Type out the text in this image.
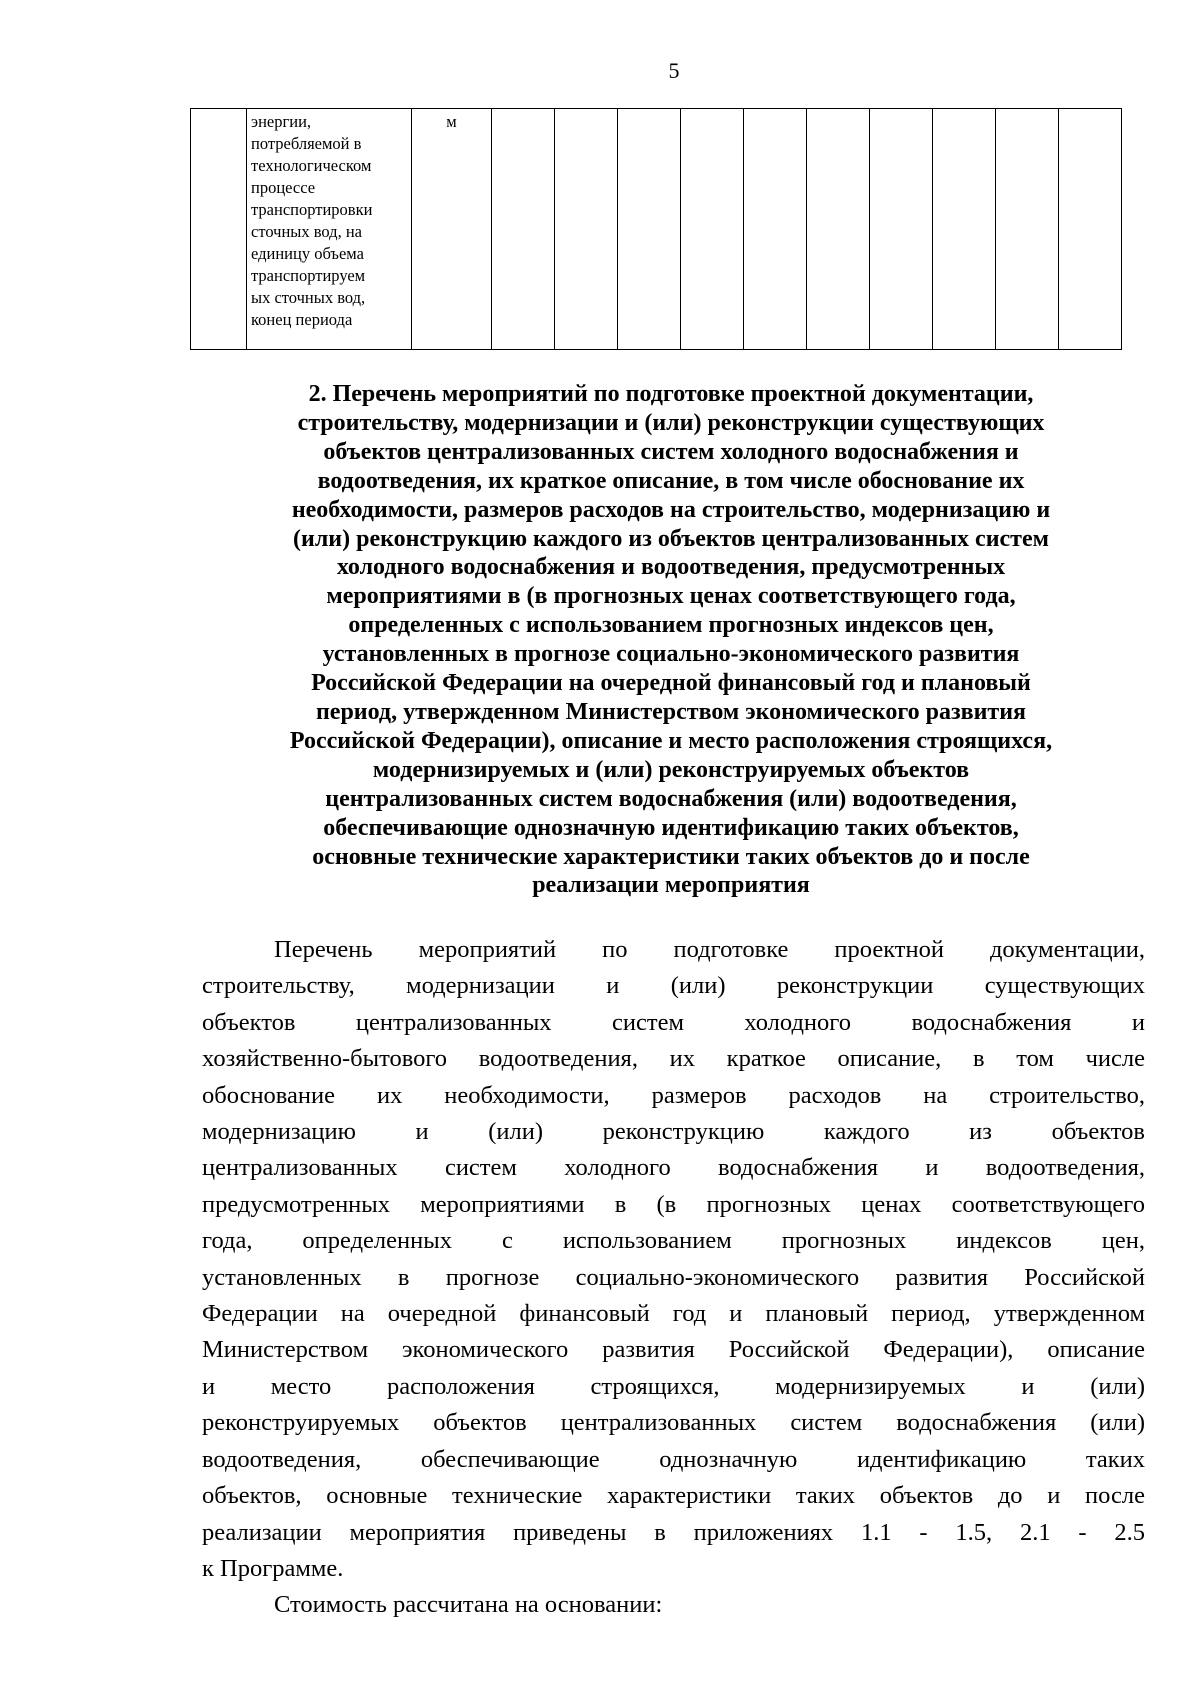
5

энергии,
потребляемой в
технологическом
процессе
транспортировки
сточных вод, на
единицу объема
транспортируем
ых сточных вод,
конец периода
	м										
2. Перечень мероприятий по подготовке проектной документации,
строительству, модернизации и (или) реконструкции существующих
объектов централизованных систем холодного водоснабжения и
водоотведения, их краткое описание, в том числе обоснование их
необходимости, размеров расходов на строительство, модернизацию и
(или) реконструкцию каждого из объектов централизованных систем
холодного водоснабжения и водоотведения, предусмотренных
мероприятиями в (в прогнозных ценах соответствующего года,
определенных с использованием прогнозных индексов цен,
установленных в прогнозе социально-экономического развития
Российской Федерации на очередной финансовый год и плановый
период, утвержденном Министерством экономического развития
Российской Федерации), описание и место расположения строящихся,
модернизируемых и (или) реконструируемых объектов
централизованных систем водоснабжения (или) водоотведения,
обеспечивающие однозначную идентификацию таких объектов,
основные технические характеристики таких объектов до и после
реализации мероприятия
Перечень мероприятий по подготовке проектной документации,
строительству, модернизации и (или) реконструкции существующих
объектов централизованных систем холодного водоснабжения и
хозяйственно-бытового водоотведения, их краткое описание, в том числе
обоснование их необходимости, размеров расходов на строительство,
модернизацию и (или) реконструкцию каждого из объектов
централизованных систем холодного водоснабжения и водоотведения,
предусмотренных мероприятиями в (в прогнозных ценах соответствующего
года, определенных с использованием прогнозных индексов цен,
установленных в прогнозе социально-экономического развития Российской
Федерации на очередной финансовый год и плановый период, утвержденном
Министерством экономического развития Российской Федерации), описание
и место расположения строящихся, модернизируемых и (или)
реконструируемых объектов централизованных систем водоснабжения (или)
водоотведения, обеспечивающие однозначную идентификацию таких
объектов, основные технические характеристики таких объектов до и после
реализации мероприятия приведены в приложениях 1.1 - 1.5, 2.1 - 2.5
к Программе.
Стоимость рассчитана на основании:
